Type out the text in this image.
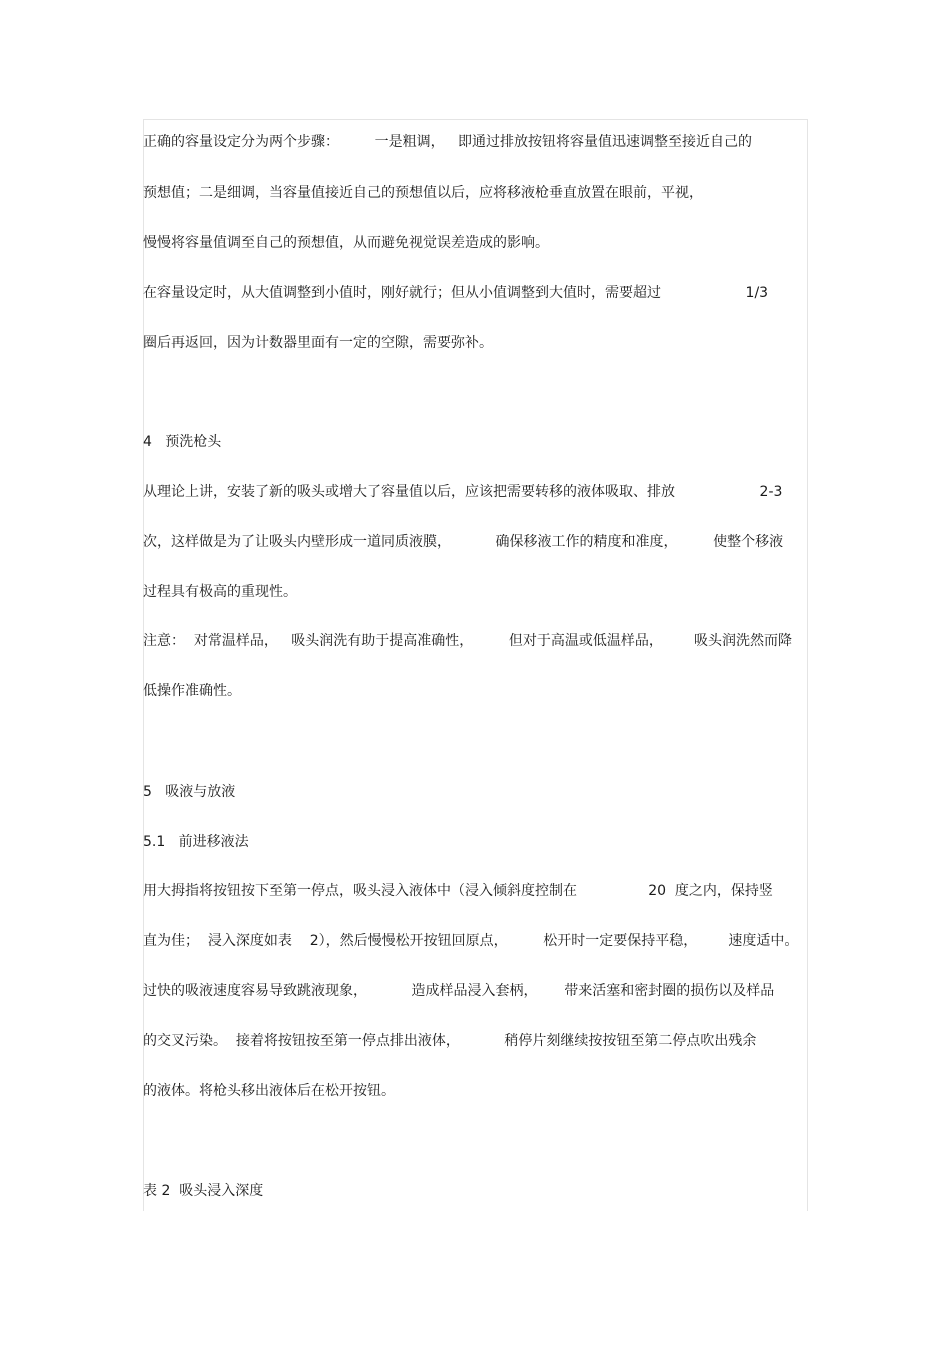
正确的容量设定分为两个步骤：        一是粗调，   即通过排放按钮将容量值迅速调整至接近自己的
预想值；二是细调，当容量值接近自己的预想值以后，应将移液枪垂直放置在眼前，平视，
慢慢将容量值调至自己的预想值，从而避免视觉误差造成的影响。
在容量设定时，从大值调整到小值时，刚好就行；但从小值调整到大值时，需要超过                   1/3
圈后再返回，因为计数器里面有一定的空隙，需要弥补。
4   预洗枪头
从理论上讲，安装了新的吸头或增大了容量值以后，应该把需要转移的液体吸取、排放                   2-3
次，这样做是为了让吸头内壁形成一道同质液膜，          确保移液工作的精度和准度，        使整个移液
过程具有极高的重现性。
注意：  对常温样品，   吸头润洗有助于提高准确性，        但对于高温或低温样品，       吸头润洗然而降
低操作准确性。
5   吸液与放液
5.1   前进移液法
用大拇指将按钮按下至第一停点，吸头浸入液体中（浸入倾斜度控制在                20  度之内，保持竖
直为佳；  浸入深度如表    2），然后慢慢松开按钮回原点，        松开时一定要保持平稳，       速度适中。
过快的吸液速度容易导致跳液现象，          造成样品浸入套柄，      带来活塞和密封圈的损伤以及样品
的交叉污染。  接着将按钮按至第一停点排出液体，          稍停片刻继续按按钮至第二停点吹出残余
的液体。将枪头移出液体后在松开按钮。
表 2  吸头浸入深度
